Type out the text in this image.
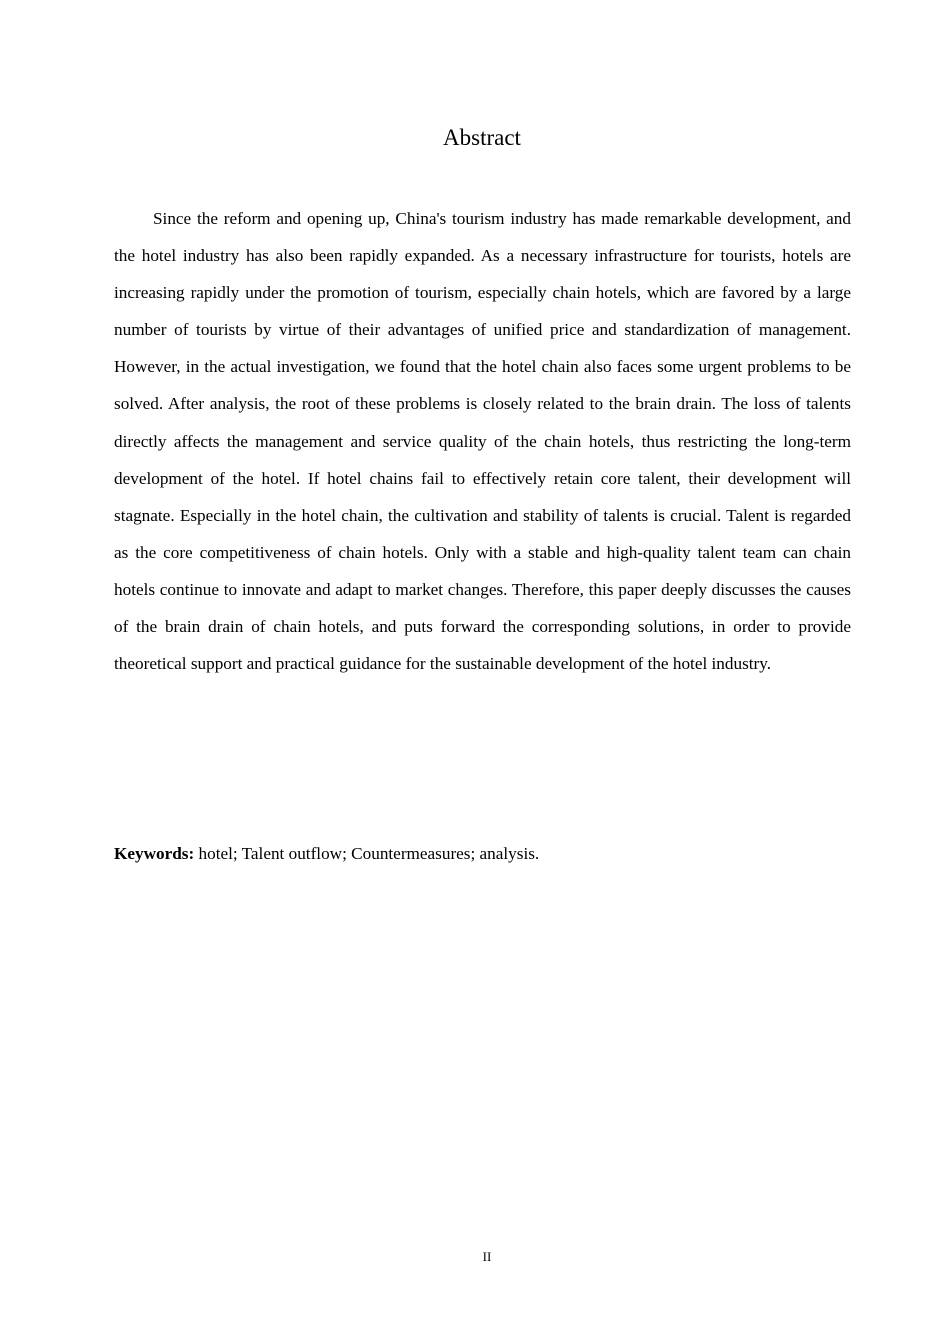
Abstract

Since the reform and opening up, China's tourism industry has made remarkable development, and the hotel industry has also been rapidly expanded. As a necessary infrastructure for tourists, hotels are increasing rapidly under the promotion of tourism, especially chain hotels, which are favored by a large number of tourists by virtue of their advantages of unified price and standardization of management. However, in the actual investigation, we found that the hotel chain also faces some urgent problems to be solved. After analysis, the root of these problems is closely related to the brain drain. The loss of talents directly affects the management and service quality of the chain hotels, thus restricting the long-term development of the hotel. If hotel chains fail to effectively retain core talent, their development will stagnate. Especially in the hotel chain, the cultivation and stability of talents is crucial. Talent is regarded as the core competitiveness of chain hotels. Only with a stable and high-quality talent team can chain hotels continue to innovate and adapt to market changes. Therefore, this paper deeply discusses the causes of the brain drain of chain hotels, and puts forward the corresponding solutions, in order to provide theoretical support and practical guidance for the sustainable development of the hotel industry.

Keywords: hotel; Talent outflow; Countermeasures; analysis.

II
